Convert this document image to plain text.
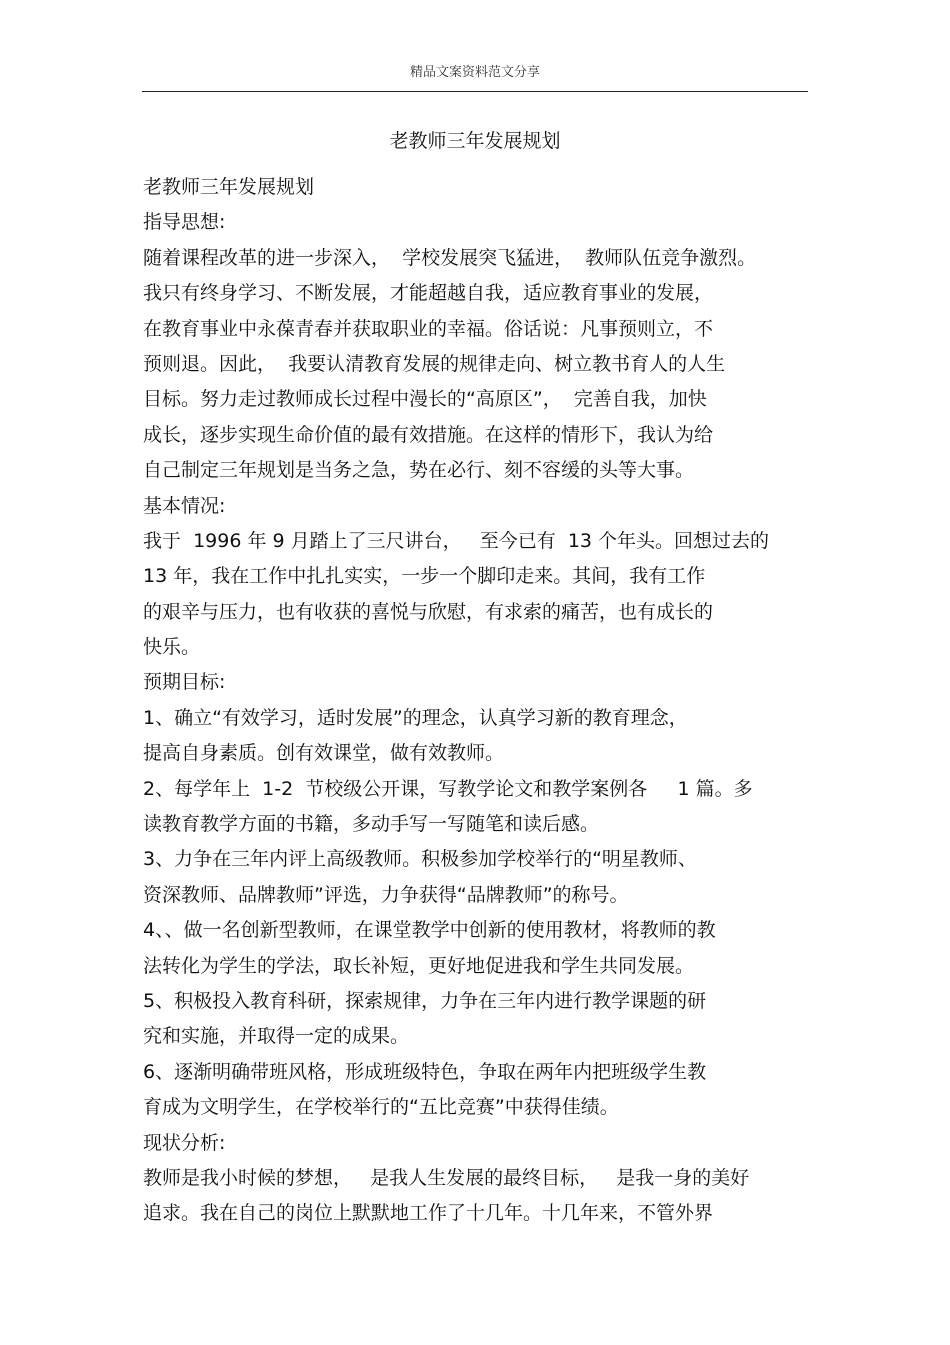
精品文案资料范文分享
老教师三年发展规划
老教师三年发展规划
指导思想:
随着课程改革的进一步深入，  学校发展突飞猛进，  教师队伍竞争激烈。
我只有终身学习、不断发展，才能超越自我，适应教育事业的发展，
在教育事业中永葆青春并获取职业的幸福。俗话说：凡事预则立，不
预则退。因此，  我要认清教育发展的规律走向、树立教书育人的人生
目标。努力走过教师成长过程中漫长的“高原区”，  完善自我，加快
成长，逐步实现生命价值的最有效措施。在这样的情形下，我认为给
自己制定三年规划是当务之急，势在必行、刻不容缓的头等大事。
基本情况:
我于  1996 年 9 月踏上了三尺讲台，   至今已有  13 个年头。回想过去的
13 年，我在工作中扎扎实实，一步一个脚印走来。其间，我有工作
的艰辛与压力，也有收获的喜悦与欣慰，有求索的痛苦，也有成长的
快乐。
预期目标:
1、确立“有效学习，适时发展”的理念，认真学习新的教育理念，
提高自身素质。创有效课堂，做有效教师。
2、每学年上  1-2  节校级公开课，写教学论文和教学案例各     1 篇。多
读教育教学方面的书籍，多动手写一写随笔和读后感。
3、力争在三年内评上高级教师。积极参加学校举行的“明星教师、
资深教师、品牌教师”评选，力争获得“品牌教师”的称号。
4、、做一名创新型教师，在课堂教学中创新的使用教材，将教师的教
法转化为学生的学法，取长补短，更好地促进我和学生共同发展。
5、积极投入教育科研，探索规律，力争在三年内进行教学课题的研
究和实施，并取得一定的成果。
6、逐渐明确带班风格，形成班级特色，争取在两年内把班级学生教
育成为文明学生，在学校举行的“五比竞赛”中获得佳绩。
现状分析:
教师是我小时候的梦想，   是我人生发展的最终目标，   是我一身的美好
追求。我在自己的岗位上默默地工作了十几年。十几年来，不管外界
